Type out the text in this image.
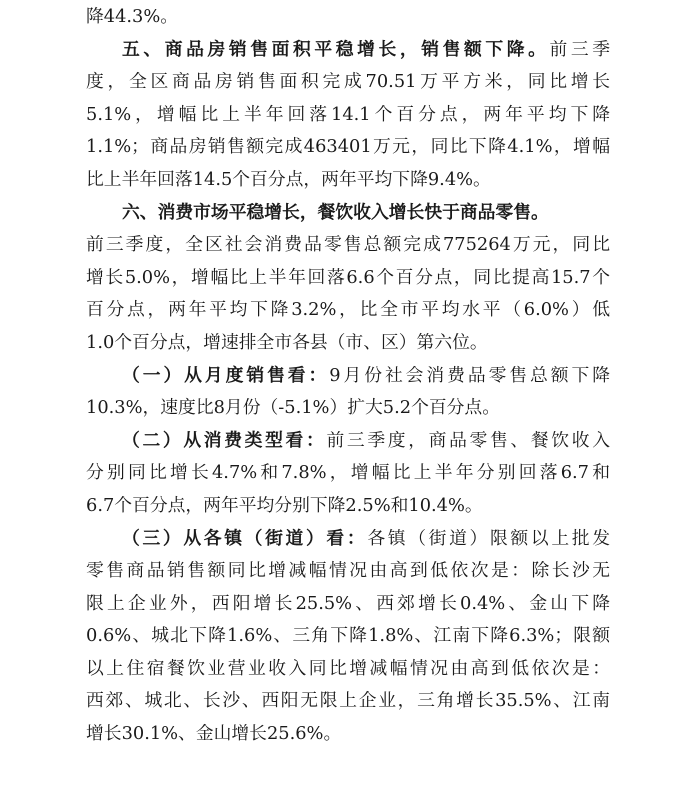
降44.3%。
五、商品房销售面积平稳增长，销售额下降。前三季
度，全区商品房销售面积完成70.51万平方米，同比增长
5.1%，增幅比上半年回落14.1个百分点，两年平均下降
1.1%；商品房销售额完成463401万元，同比下降4.1%，增幅
比上半年回落14.5个百分点，两年平均下降9.4%。
六、消费市场平稳增长，餐饮收入增长快于商品零售。
前三季度，全区社会消费品零售总额完成775264万元，同比
增长5.0%，增幅比上半年回落6.6个百分点，同比提高15.7个
百分点，两年平均下降3.2%，比全市平均水平（6.0%）低
1.0个百分点，增速排全市各县（市、区）第六位。
（一）从月度销售看：9月份社会消费品零售总额下降
10.3%，速度比8月份（-5.1%）扩大5.2个百分点。
（二）从消费类型看：前三季度，商品零售、餐饮收入
分别同比增长4.7%和7.8%，增幅比上半年分别回落6.7和
6.7个百分点，两年平均分别下降2.5%和10.4%。
（三）从各镇（街道）看：各镇（街道）限额以上批发
零售商品销售额同比增减幅情况由高到低依次是：除长沙无
限上企业外，西阳增长25.5%、西郊增长0.4%、金山下降
0.6%、城北下降1.6%、三角下降1.8%、江南下降6.3%；限额
以上住宿餐饮业营业收入同比增减幅情况由高到低依次是：
西郊、城北、长沙、西阳无限上企业，三角增长35.5%、江南
增长30.1%、金山增长25.6%。
